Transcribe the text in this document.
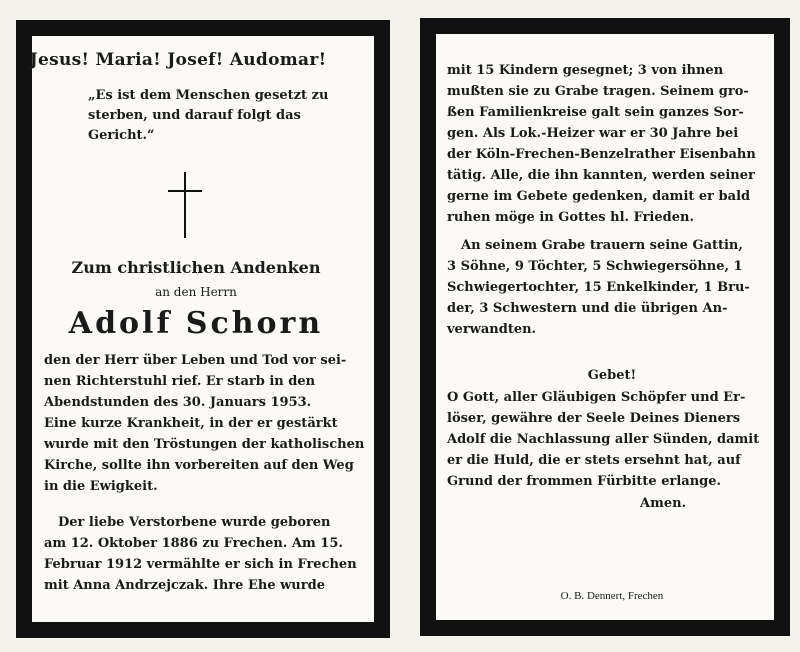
Jesus! Maria! Josef! Audomar!
„Es ist dem Menschen gesetzt zu
sterben, und darauf folgt das
Gericht.“
Zum christlichen Andenken
an den Herrn
Adolf Schorn
den der Herr über Leben und Tod vor sei-
nen Richterstuhl rief. Er starb in den
Abendstunden des 30. Januars 1953.
Eine kurze Krankheit, in der er gestärkt
wurde mit den Tröstungen der katholischen
Kirche, sollte ihn vorbereiten auf den Weg
in die Ewigkeit.
Der liebe Verstorbene wurde geboren
am 12. Oktober 1886 zu Frechen. Am 15.
Februar 1912 vermählte er sich in Frechen
mit Anna Andrzejczak. Ihre Ehe wurde
mit 15 Kindern gesegnet; 3 von ihnen
mußten sie zu Grabe tragen. Seinem gro-
ßen Familienkreise galt sein ganzes Sor-
gen. Als Lok.-Heizer war er 30 Jahre bei
der Köln-Frechen-Benzelrather Eisenbahn
tätig. Alle, die ihn kannten, werden seiner
gerne im Gebete gedenken, damit er bald
ruhen möge in Gottes hl. Frieden.
An seinem Grabe trauern seine Gattin,
3 Söhne, 9 Töchter, 5 Schwiegersöhne, 1
Schwiegertochter, 15 Enkelkinder, 1 Bru-
der, 3 Schwestern und die übrigen An-
verwandten.
Gebet!
O Gott, aller Gläubigen Schöpfer und Er-
löser, gewähre der Seele Deines Dieners
Adolf die Nachlassung aller Sünden, damit
er die Huld, die er stets ersehnt hat, auf
Grund der frommen Fürbitte erlange.
Amen.
O. B. Dennert, Frechen
